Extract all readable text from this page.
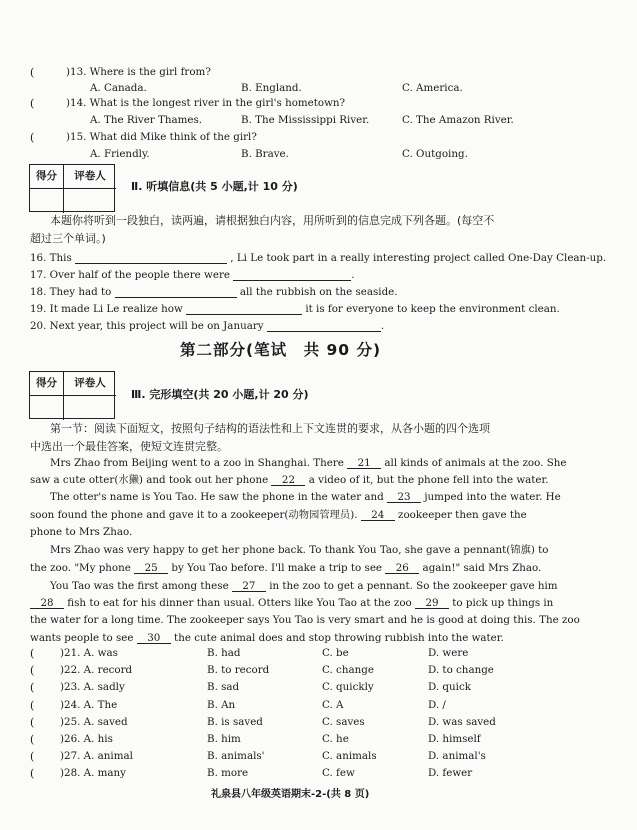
(	)13. Where is the girl from?
A. Canada.	B. England.	C. America.
(	)14. What is the longest river in the girl's hometown?
A. The River Thames.	B. The Mississippi River.	C. The Amazon River.
(	)15. What did Mike think of the girl?
A. Friendly.	B. Brave.	C. Outgoing.
得分	评卷人
Ⅱ. 听填信息(共 5 小题,计 10 分)
本题你将听到一段独白，读两遍，请根据独白内容，用所听到的信息完成下列各题。(每空不
超过三个单词。)
16. This	, Li Le took part in a really interesting project called One-Day Clean-up.
17. Over half of the people there were	.
18. They had to	all the rubbish on the seaside.
19. It made Li Le realize how	it is for everyone to keep the environment clean.
20. Next year, this project will be on January	.
第二部分(笔试　共 90 分)
得分	评卷人
Ⅲ. 完形填空(共 20 小题,计 20 分)
第一节：阅读下面短文，按照句子结构的语法性和上下文连贯的要求，从各小题的四个选项
中选出一个最佳答案，使短文连贯完整。
Mrs Zhao from Beijing went to a zoo in Shanghai. There 21 all kinds of animals at the zoo. She
saw a cute otter(水獭) and took out her phone 22 a video of it, but the phone fell into the water.
The otter's name is You Tao. He saw the phone in the water and 23 jumped into the water. He
soon found the phone and gave it to a zookeeper(动物园管理员). 24 zookeeper then gave the
phone to Mrs Zhao.
Mrs Zhao was very happy to get her phone back. To thank You Tao, she gave a pennant(锦旗) to
the zoo. "My phone 25 by You Tao before. I'll make a trip to see 26 again!" said Mrs Zhao.
You Tao was the first among these 27 in the zoo to get a pennant. So the zookeeper gave him
28 fish to eat for his dinner than usual. Otters like You Tao at the zoo 29 to pick up things in
the water for a long time. The zookeeper says You Tao is very smart and he is good at doing this. The zoo
wants people to see 30 the cute animal does and stop throwing rubbish into the water.
( )21. A. was	B. had	C. be	D. were
( )22. A. record	B. to record	C. change	D. to change
( )23. A. sadly	B. sad	C. quickly	D. quick
( )24. A. The	B. An	C. A	D. /
( )25. A. saved	B. is saved	C. saves	D. was saved
( )26. A. his	B. him	C. he	D. himself
( )27. A. animal	B. animals'	C. animals	D. animal's
( )28. A. many	B. more	C. few	D. fewer
礼泉县八年级英语期末-2-(共 8 页)
